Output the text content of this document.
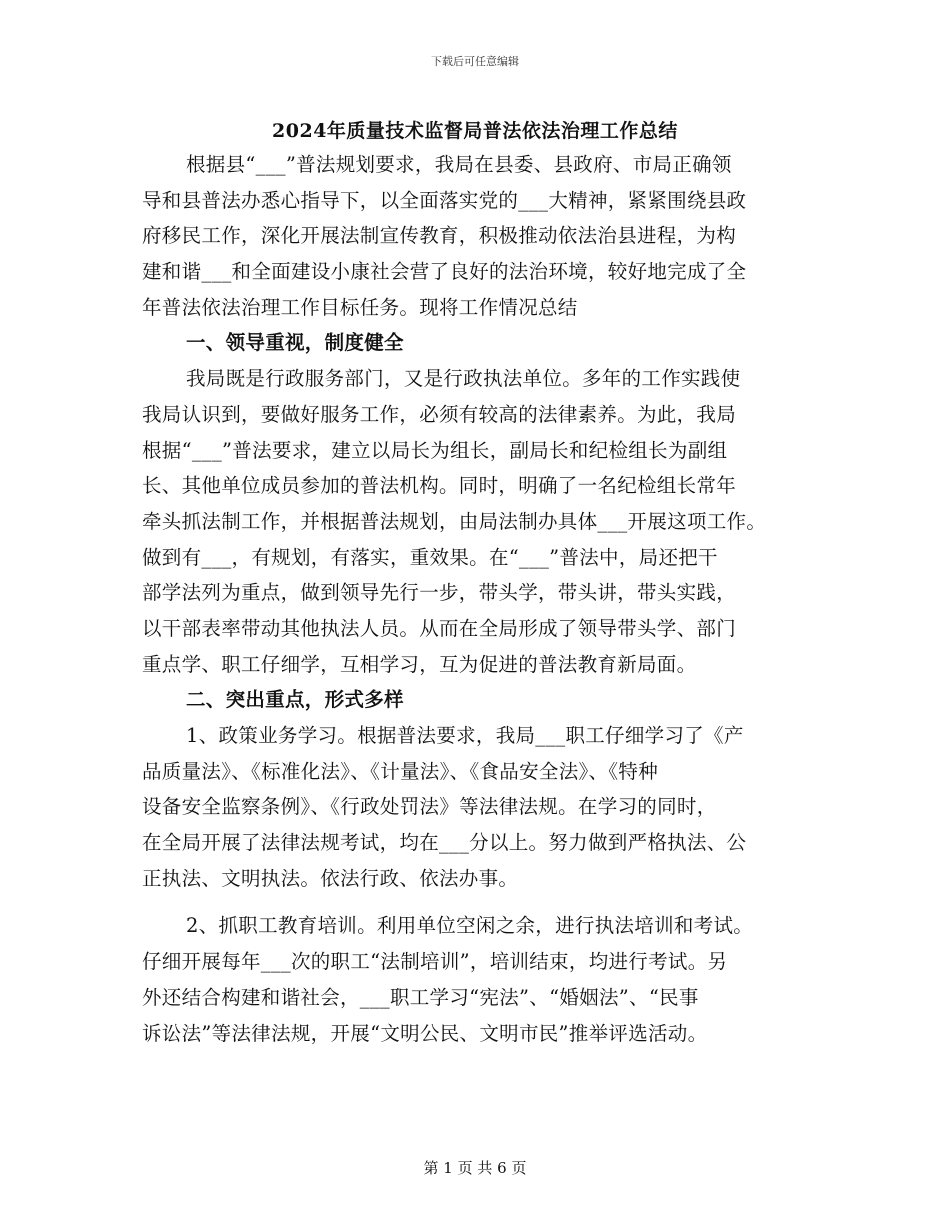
下载后可任意编辑
2024年质量技术监督局普法依法治理工作总结
根据县“___”普法规划要求，我局在县委、县政府、市局正确领
导和县普法办悉心指导下，以全面落实党的___大精神，紧紧围绕县政
府移民工作，深化开展法制宣传教育，积极推动依法治县进程，为构
建和谐___和全面建设小康社会营了良好的法治环境，较好地完成了全
年普法依法治理工作目标任务。现将工作情况总结
一、领导重视，制度健全
我局既是行政服务部门，又是行政执法单位。多年的工作实践使
我局认识到，要做好服务工作，必须有较高的法律素养。为此，我局
根据“___”普法要求，建立以局长为组长，副局长和纪检组长为副组
长、其他单位成员参加的普法机构。同时，明确了一名纪检组长常年
牵头抓法制工作，并根据普法规划，由局法制办具体___开展这项工作。
做到有___，有规划，有落实，重效果。在“___”普法中，局还把干
部学法列为重点，做到领导先行一步，带头学，带头讲，带头实践，
以干部表率带动其他执法人员。从而在全局形成了领导带头学、部门
重点学、职工仔细学，互相学习，互为促进的普法教育新局面。
二、突出重点，形式多样
1、政策业务学习。根据普法要求，我局___职工仔细学习了《产
品质量法》、《标准化法》、《计量法》、《食品安全法》、《特种
设备安全监察条例》、《行政处罚法》等法律法规。在学习的同时，
在全局开展了法律法规考试，均在___分以上。努力做到严格执法、公
正执法、文明执法。依法行政、依法办事。
2、抓职工教育培训。利用单位空闲之余，进行执法培训和考试。
仔细开展每年___次的职工“法制培训”，培训结束，均进行考试。另
外还结合构建和谐社会，___职工学习“宪法”、“婚姻法”、“民事
诉讼法”等法律法规，开展“文明公民、文明市民”推举评选活动。
第 1 页 共 6 页
